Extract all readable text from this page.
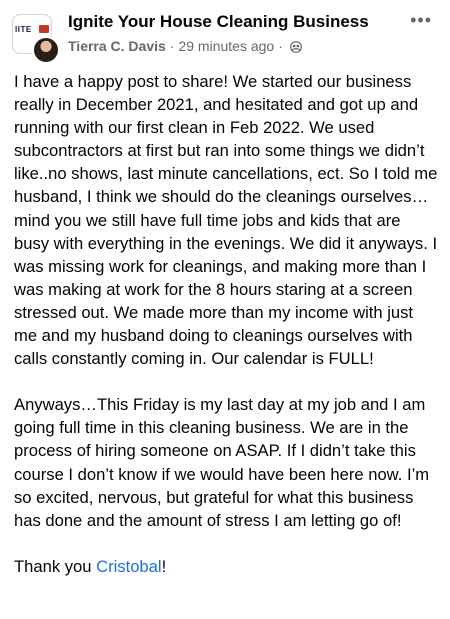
IITE Ignite Your House Cleaning Business
Tierra C. Davis · 29 minutes ago ·
•••

I have a happy post to share! We started our business really in December 2021, and hesitated and got up and running with our first clean in Feb 2022. We used subcontractors at first but ran into some things we didn’t like..no shows, last minute cancellations, ect. So I told me husband, I think we should do the cleanings ourselves…mind you we still have full time jobs and kids that are busy with everything in the evenings. We did it anyways. I was missing work for cleanings, and making more than I was making at work for the 8 hours staring at a screen stressed out. We made more than my income with just me and my husband doing to cleanings ourselves with calls constantly coming in. Our calendar is FULL!

Anyways…This Friday is my last day at my job and I am going full time in this cleaning business. We are in the process of hiring someone on ASAP. If I didn’t take this course I don’t know if we would have been here now. I’m so excited, nervous, but grateful for what this business has done and the amount of stress I am letting go of!

Thank you Cristobal!
